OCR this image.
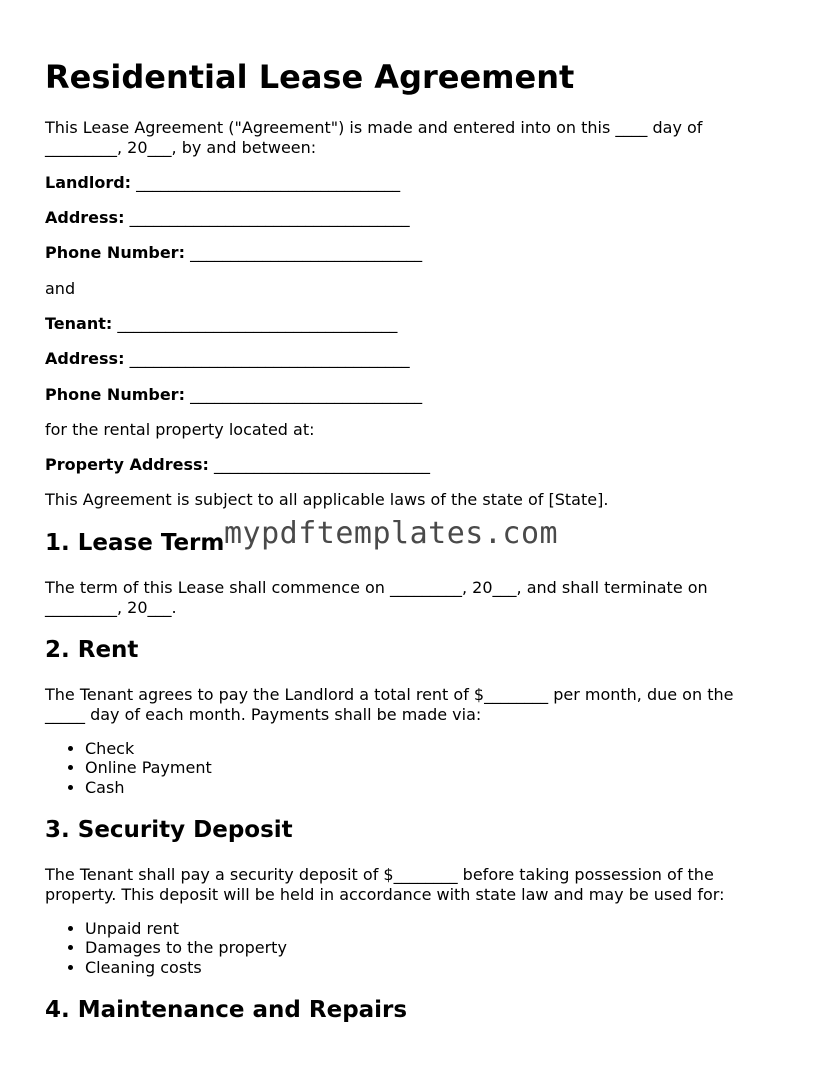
Residential Lease Agreement

This Lease Agreement ("Agreement") is made and entered into on this ____ day of
_________, 20___, by and between:

Landlord: _________________________________

Address: ___________________________________

Phone Number: _____________________________

and

Tenant: ___________________________________

Address: ___________________________________

Phone Number: _____________________________

for the rental property located at:

Property Address: ___________________________

This Agreement is subject to all applicable laws of the state of [State].

1. Lease Term

The term of this Lease shall commence on _________, 20___, and shall terminate on
_________, 20___.

2. Rent

The Tenant agrees to pay the Landlord a total rent of $________ per month, due on the
_____ day of each month. Payments shall be made via:

• Check
• Online Payment
• Cash
3. Security Deposit

The Tenant shall pay a security deposit of $________ before taking possession of the
property. This deposit will be held in accordance with state law and may be used for:

• Unpaid rent
• Damages to the property
• Cleaning costs
4. Maintenance and Repairs
mypdftemplates.com
